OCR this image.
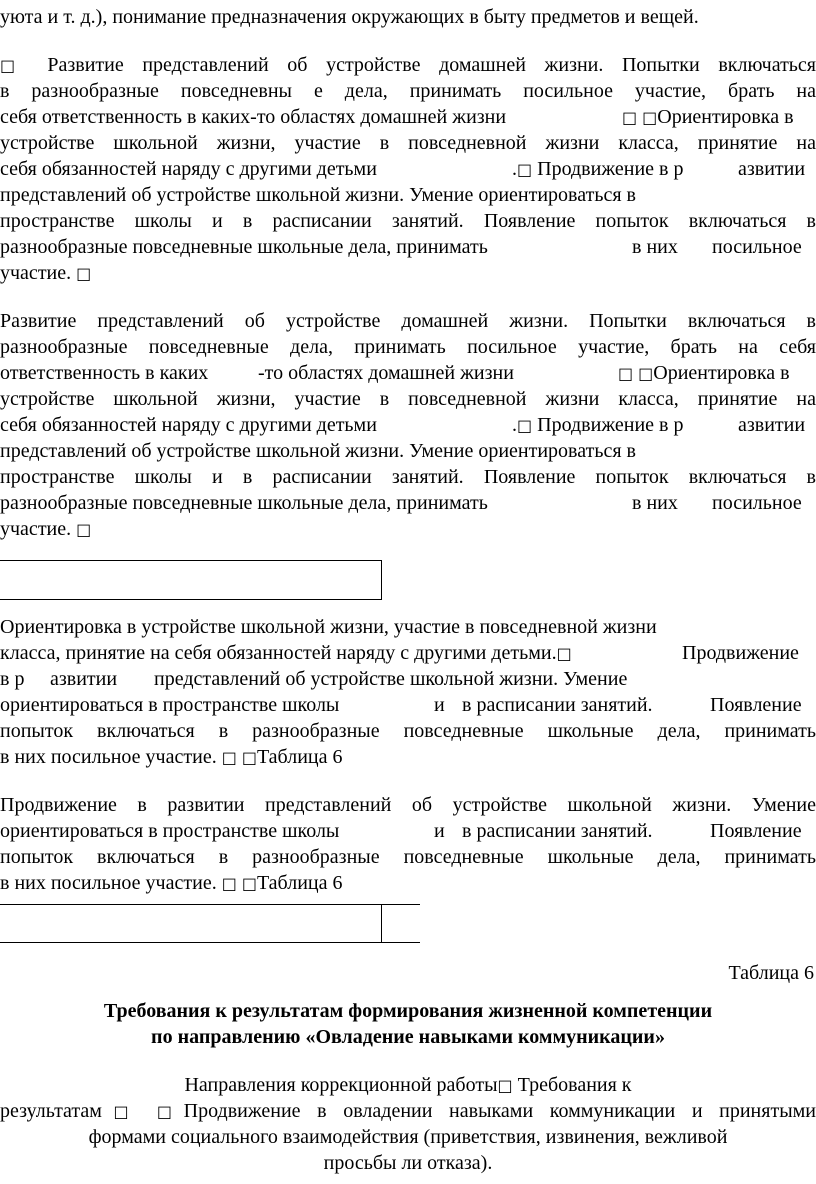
уюта и т. д.), понимание предназначения окружающих в быту предметов и вещей.
□ Развитие представлений об устройстве домашней жизни. Попытки включаться
в разнообразные повседневны е дела, принимать посильное участие, брать на
себя ответственность в каких-то областях домашней жизни	□ □Ориентировка в
устройстве школьной жизни, участие в повседневной жизни класса, принятие на
себя обязанностей наряду с другими детьми	.□ Продвижение в р	азвитии
представлений об устройстве школьной жизни. Умение ориентироваться в
пространстве школы и в расписании занятий. Появление попыток включаться в
разнообразные повседневные школьные дела, принимать	в них посильное
участие. □
Развитие представлений об устройстве домашней жизни. Попытки включаться в
разнообразные повседневные дела, принимать посильное участие, брать на себя
ответственность в каких -то областях домашней жизни	□ □Ориентировка в
устройстве школьной жизни, участие в повседневной жизни класса, принятие на
себя обязанностей наряду с другими детьми	.□ Продвижение в р	азвитии
представлений об устройстве школьной жизни. Умение ориентироваться в
пространстве школы и в расписании занятий. Появление попыток включаться в
разнообразные повседневные школьные дела, принимать	в них посильное
участие. □
Ориентировка в устройстве школьной жизни, участие в повседневной жизни
класса, принятие на себя обязанностей наряду с другими детьми.□	Продвижение
в р азвитии представлений об устройстве школьной жизни. Умение
ориентироваться в пространстве школы	и в расписании занятий.	Появление
попыток включаться в разнообразные повседневные школьные дела, принимать
в них посильное участие. □ □Таблица 6
Продвижение в развитии представлений об устройстве школьной жизни. Умение
ориентироваться в пространстве школы	и в расписании занятий.	Появление
попыток включаться в разнообразные повседневные школьные дела, принимать
в них посильное участие. □ □Таблица 6
Таблица 6
Требования к результатам формирования жизненной компетенции
по направлению «Овладение навыками коммуникации»
Направления коррекционной работы□ Требования к
результатам□ □Продвижение в овладении навыками коммуникации и принятыми
формами социального взаимодействия (приветствия, извинения, вежливой
просьбы ли отказа).
